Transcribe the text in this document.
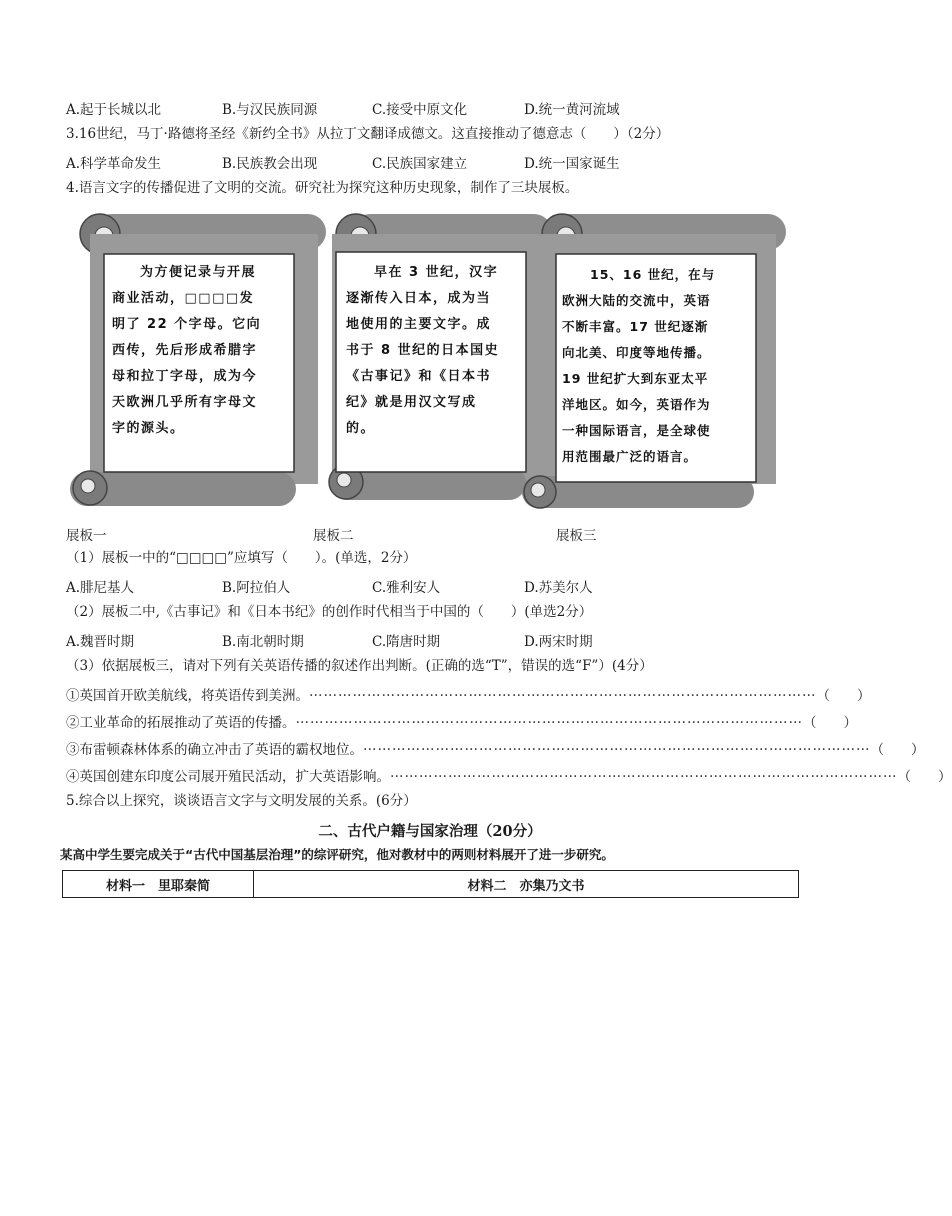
A.起于长城以北	B.与汉民族同源	C.接受中原文化	D.统一黄河流域
3.16世纪，马丁·路德将圣经《新约全书》从拉丁文翻译成德文。这直接推动了德意志（　　）（2分）
A.科学革命发生	B.民族教会出现	C.民族国家建立	D.统一国家诞生
4.语言文字的传播促进了文明的交流。研究社为探究这种历史现象，制作了三块展板。
为方便记录与开展
商业活动，□□□□发
明了 22 个字母。它向
西传，先后形成希腊字
母和拉丁字母，成为今
天欧洲几乎所有字母文
字的源头。
早在 3 世纪，汉字
逐渐传入日本，成为当
地使用的主要文字。成
书于 8 世纪的日本国史
《古事记》和《日本书
纪》就是用汉文写成
的。
15、16 世纪，在与
欧洲大陆的交流中，英语
不断丰富。17 世纪逐渐
向北美、印度等地传播。
19 世纪扩大到东亚太平
洋地区。如今，英语作为
一种国际语言，是全球使
用范围最广泛的语言。
展板一	展板二	展板三
（1）展板一中的“□□□□”应填写（　　）。(单选，2分）
A.腓尼基人	B.阿拉伯人	C.雅利安人	D.苏美尔人
（2）展板二中,《古事记》和《日本书纪》的创作时代相当于中国的（　　）(单选2分）
A.魏晋时期	B.南北朝时期	C.隋唐时期	D.两宋时期
（3）依据展板三，请对下列有关英语传播的叙述作出判断。(正确的选“T”，错误的选“F”）(4分）
①英国首开欧美航线，将英语传到美洲。 …………………………………………………………………………………………… （　　）
②工业革命的拓展推动了英语的传播。 …………………………………………………………………………………………… （　　）
③布雷顿森林体系的确立冲击了英语的霸权地位。 …………………………………………………………………………………………… （　　）
④英国创建东印度公司展开殖民活动，扩大英语影响。 …………………………………………………………………………………………… （　　）
5.综合以上探究，谈谈语言文字与文明发展的关系。(6分）
二、古代户籍与国家治理（20分）
某高中学生要完成关于“古代中国基层治理”的综评研究，他对教材中的两则材料展开了进一步研究。
材料一　里耶秦简	材料二　亦集乃文书
